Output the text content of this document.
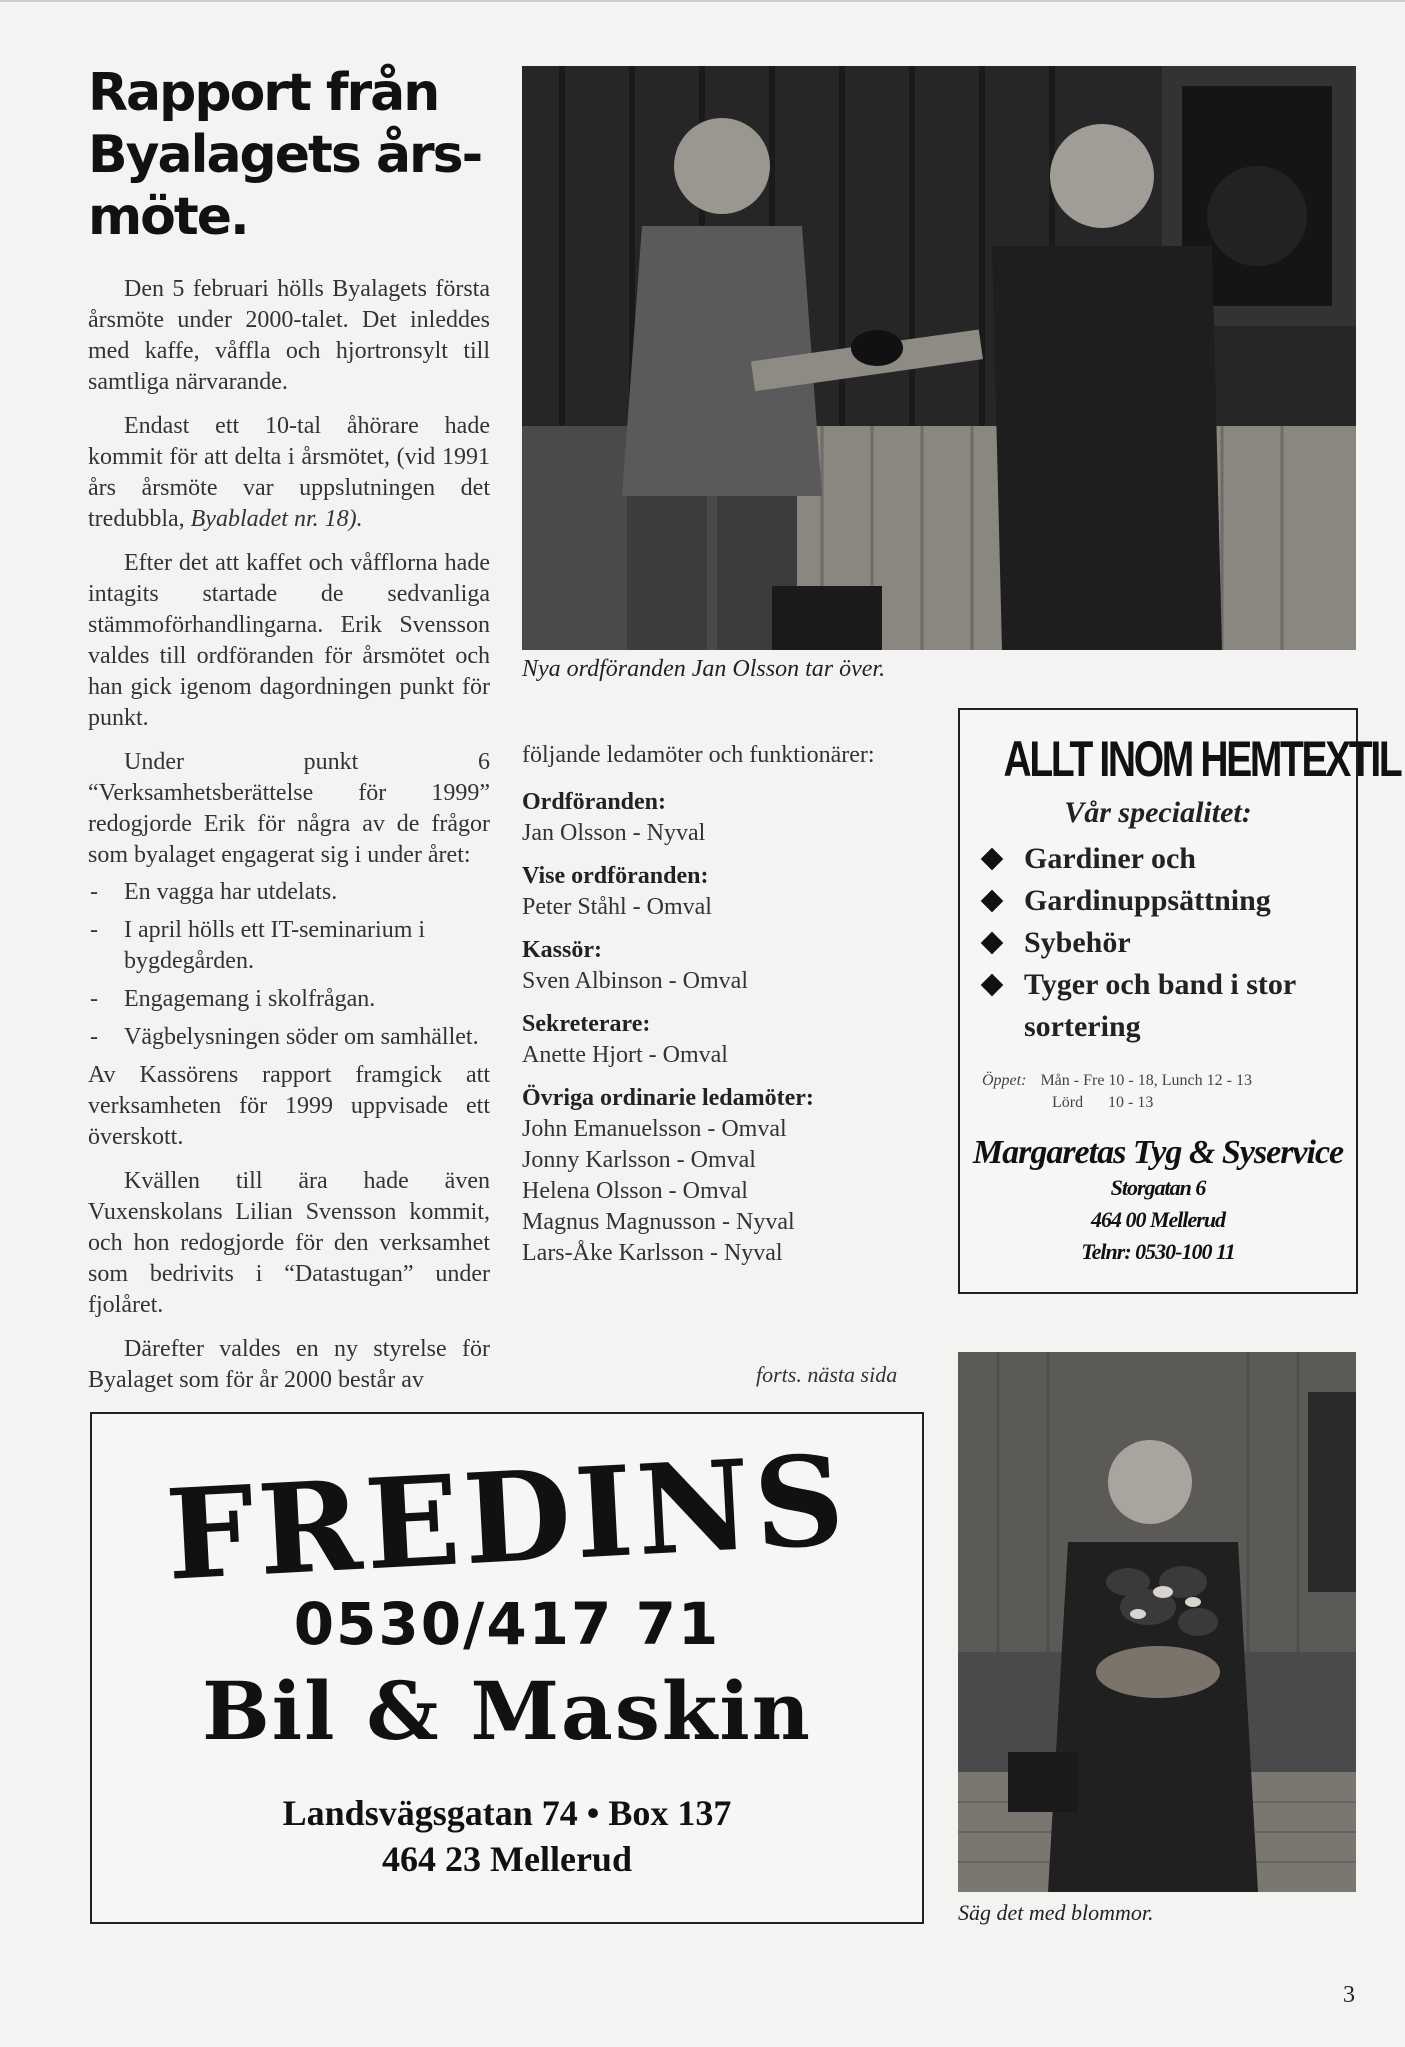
Rapport från Byalagets års-möte.

Den 5 februari hölls Byalagets första årsmöte under 2000-talet. Det inleddes med kaffe, våffla och hjortronsylt till samtliga närvarande.

Endast ett 10-tal åhörare hade kommit för att delta i årsmötet, (vid 1991 års årsmöte var uppslutningen det tredubbla, Byabladet nr. 18).

Efter det att kaffet och våfflorna hade intagits startade de sedvanliga stämmoförhandlingarna. Erik Svensson valdes till ordföranden för årsmötet och han gick igenom dagordningen punkt för punkt.

Under punkt 6 “Verksamhetsberättelse för 1999” redogjorde Erik för några av de frågor som byalaget engagerat sig i under året:

- En vagga har utdelats.
- I april hölls ett IT-seminarium i bygdegården.
- Engagemang i skolfrågan.
- Vägbelysningen söder om samhället.

Av Kassörens rapport framgick att verksamheten för 1999 uppvisade ett överskott.

Kvällen till ära hade även Vuxenskolans Lilian Svensson kommit, och hon redogjorde för den verksamhet som bedrivits i “Datastugan” under fjolåret.

Därefter valdes en ny styrelse för Byalaget som för år 2000 består av

Nya ordföranden Jan Olsson tar över.

följande ledamöter och funktionärer:

Ordföranden:
Jan Olsson - Nyval
Vise ordföranden:
Peter Ståhl - Omval
Kassör:
Sven Albinson - Omval
Sekreterare:
Anette Hjort - Omval
Övriga ordinarie ledamöter:
John Emanuelsson - Omval
Jonny Karlsson - Omval
Helena Olsson - Omval
Magnus Magnusson - Nyval
Lars-Åke Karlsson - Nyval
forts. nästa sida
ALLT INOM HEMTEXTIL
Vår specialitet:
Gardiner och
Gardinuppsättning
Sybehör
Tyger och band i stor sortering
Öppet: Mån - Fre 10 - 18, Lunch 12 - 13
Lörd 10 - 13
Margaretas Tyg & Syservice
Storgatan 6
464 00 Mellerud
Telnr: 0530-100 11
FREDINS
0530/417 71
Bil & Maskin
Landsvägsgatan 74 • Box 137
464 23 Mellerud
Säg det med blommor.
3
